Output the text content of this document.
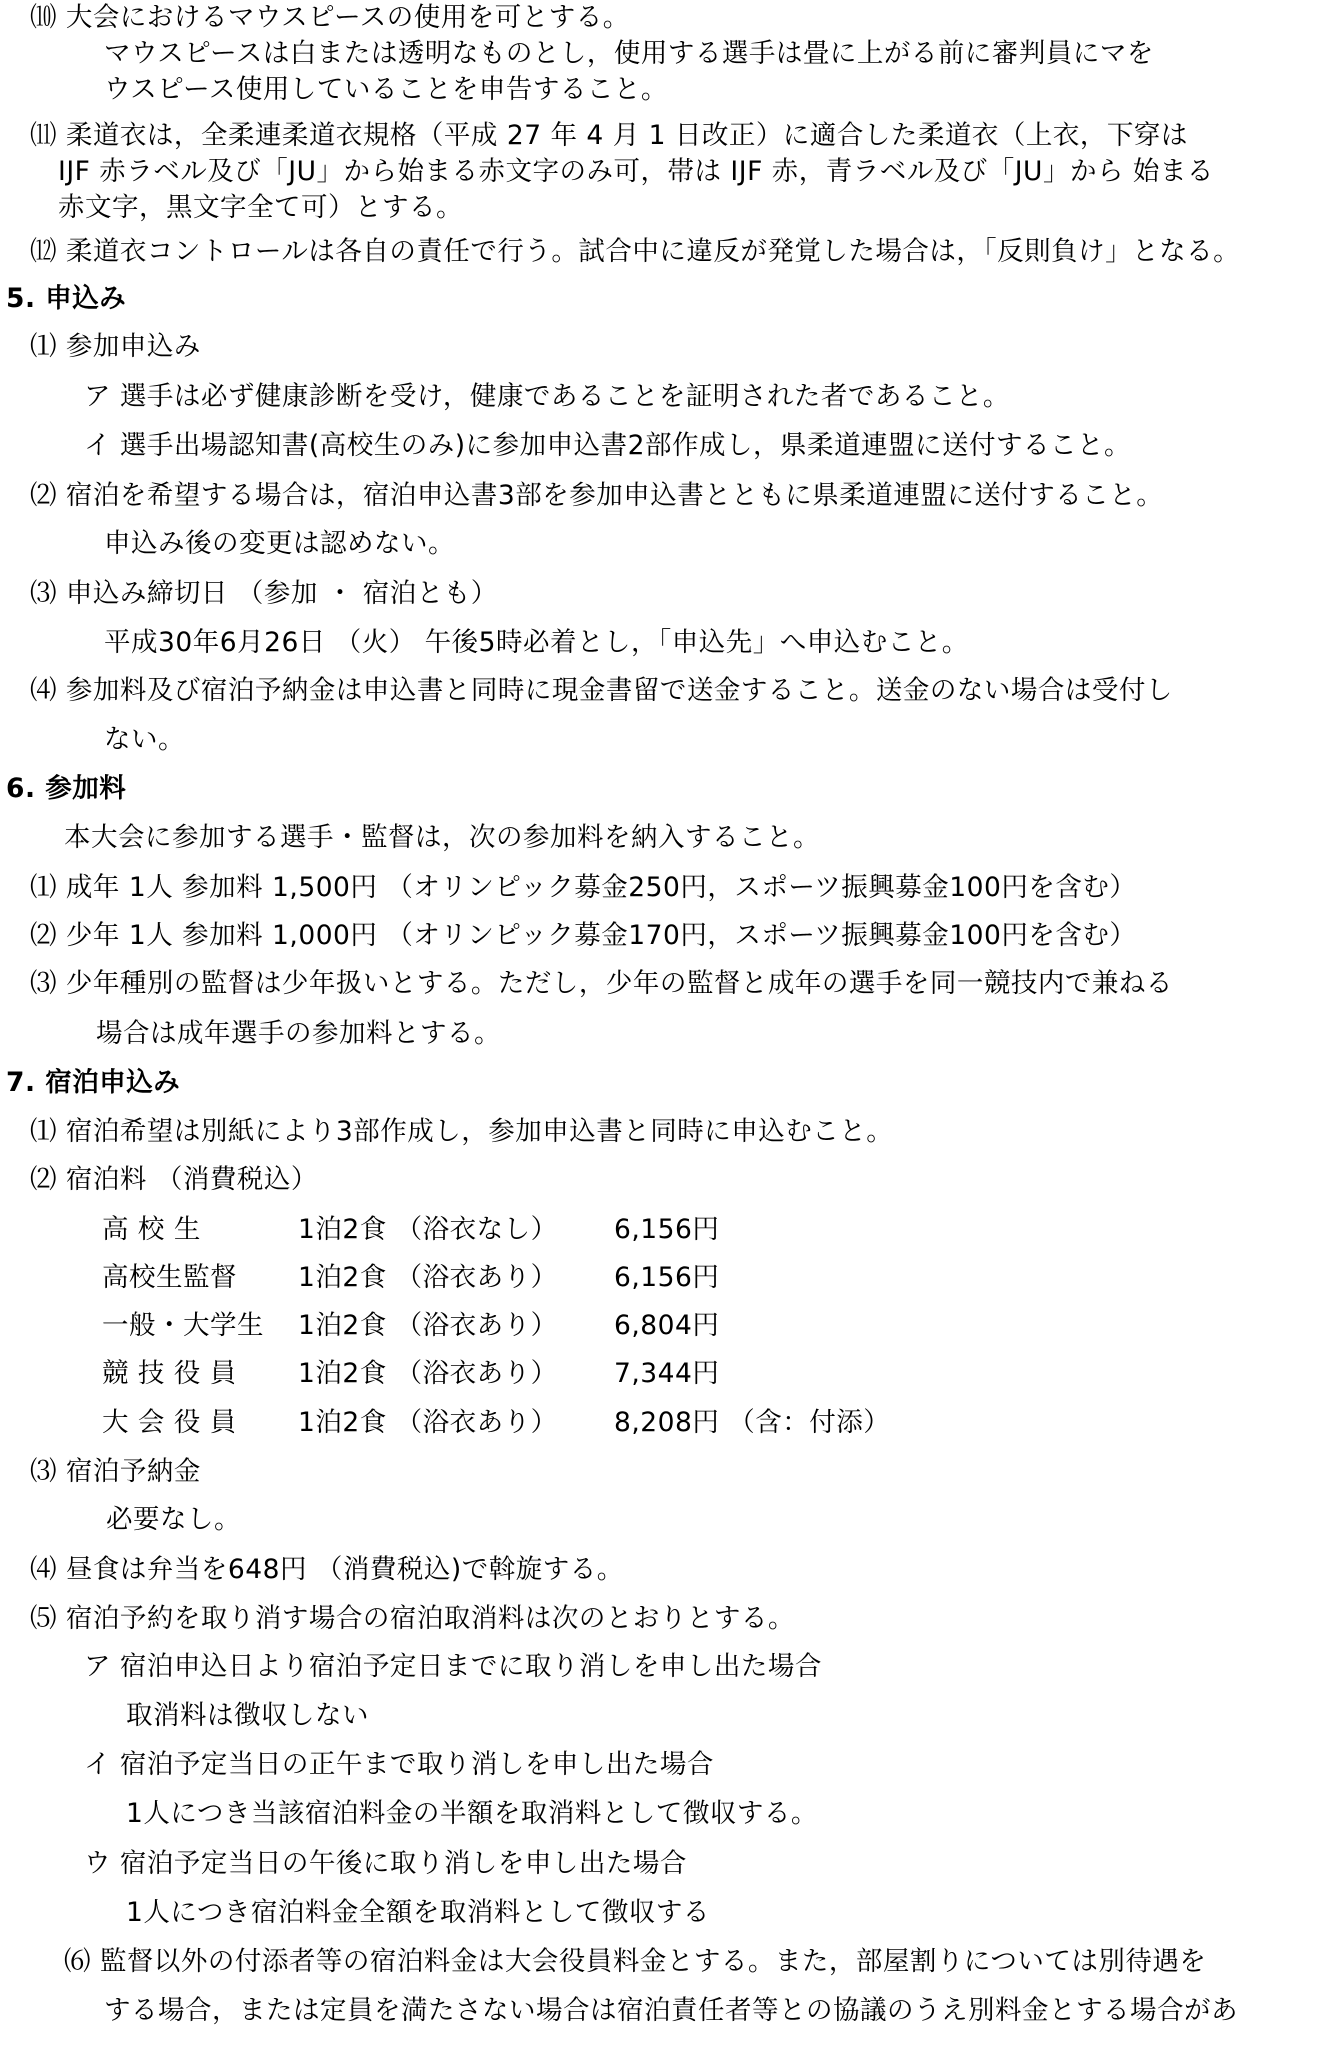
⑽ 大会におけるマウスピースの使用を可とする。
マウスピースは白または透明なものとし，使用する選手は畳に上がる前に審判員にマを
ウスピース使用していることを申告すること。
⑾ 柔道衣は，全柔連柔道衣規格（平成 27 年 4 月 1 日改正）に適合した柔道衣（上衣，下穿は
IJF 赤ラベル及び「JU」から始まる赤文字のみ可，帯は IJF 赤，青ラベル及び「JU」から 始まる
赤文字，黒文字全て可）とする。
⑿ 柔道衣コントロールは各自の責任で行う。試合中に違反が発覚した場合は，「反則負け」となる。
5. 申込み
⑴ 参加申込み
ア 選手は必ず健康診断を受け，健康であることを証明された者であること。
イ 選手出場認知書(高校生のみ)に参加申込書2部作成し，県柔道連盟に送付すること。
⑵ 宿泊を希望する場合は，宿泊申込書3部を参加申込書とともに県柔道連盟に送付すること。
申込み後の変更は認めない。
⑶ 申込み締切日 （参加 ・ 宿泊とも）
平成30年6月26日 （火） 午後5時必着とし，「申込先」へ申込むこと。
⑷ 参加料及び宿泊予納金は申込書と同時に現金書留で送金すること。送金のない場合は受付し
ない。
6. 参加料
本大会に参加する選手・監督は，次の参加料を納入すること。
⑴ 成年 1人 参加料 1,500円 （オリンピック募金250円，スポーツ振興募金100円を含む）
⑵ 少年 1人 参加料 1,000円 （オリンピック募金170円，スポーツ振興募金100円を含む）
⑶ 少年種別の監督は少年扱いとする。ただし，少年の監督と成年の選手を同一競技内で兼ねる
場合は成年選手の参加料とする。
7. 宿泊申込み
⑴ 宿泊希望は別紙により3部作成し，参加申込書と同時に申込むこと。
⑵ 宿泊料 （消費税込）
高 校 生	1泊2食 （浴衣なし） 6,156円
高校生監督 1泊2食 （浴衣あり） 6,156円
一般・大学生 1泊2食 （浴衣あり） 6,804円
競 技 役 員 1泊2食 （浴衣あり） 7,344円
大 会 役 員 1泊2食 （浴衣あり） 8,208円 （含：付添）
⑶ 宿泊予納金
必要なし。
⑷ 昼食は弁当を648円 （消費税込)で斡旋する。
⑸ 宿泊予約を取り消す場合の宿泊取消料は次のとおりとする。
ア 宿泊申込日より宿泊予定日までに取り消しを申し出た場合
取消料は徴収しない
イ 宿泊予定当日の正午まで取り消しを申し出た場合
1人につき当該宿泊料金の半額を取消料として徴収する。
ウ 宿泊予定当日の午後に取り消しを申し出た場合
1人につき宿泊料金全額を取消料として徴収する
⑹ 監督以外の付添者等の宿泊料金は大会役員料金とする。また，部屋割りについては別待遇を
する場合，または定員を満たさない場合は宿泊責任者等との協議のうえ別料金とする場合があ
